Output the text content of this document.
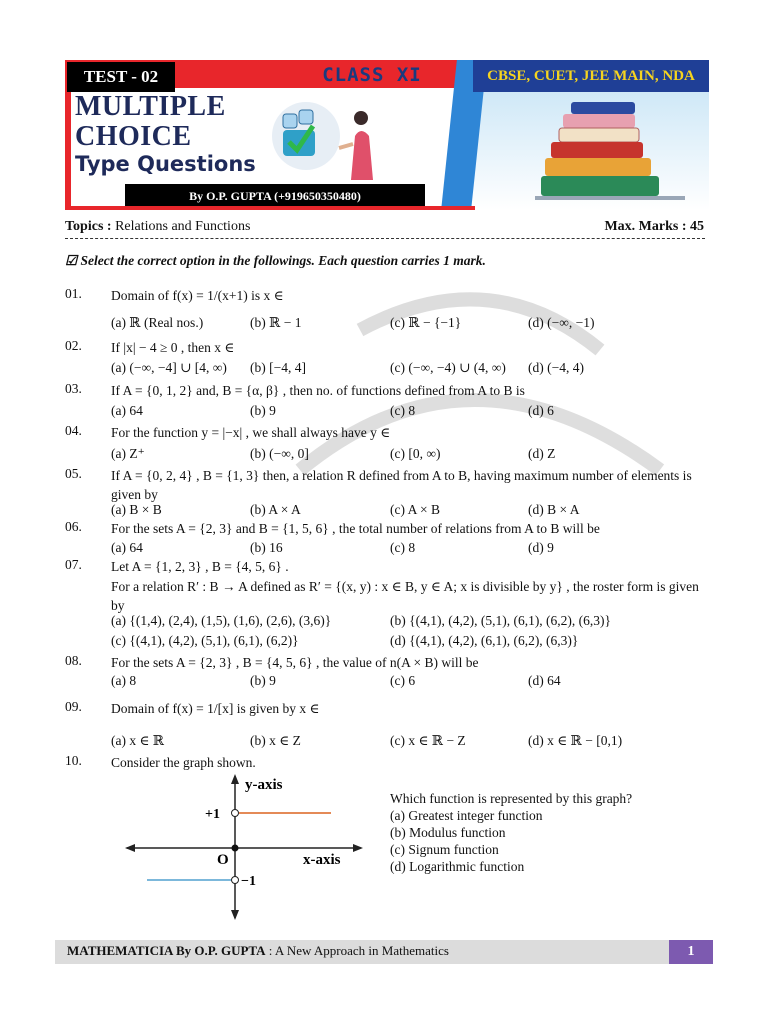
TEST - 02	CLASS XI	CBSE, CUET, JEE MAIN, NDA
MULTIPLE
CHOICE
Type Questions
By O.P. GUPTA (+919650350480)
Topics : Relations and Functions	Max. Marks : 45
☑ Select the correct option in the followings. Each question carries 1 mark.
01. Domain of f(x) = 1/(x+1) is x ∈
(a) ℝ (Real nos.)	(b) ℝ − 1	(c) ℝ − {−1}	(d) (−∞, −1)
02. If |x| − 4 ≥ 0 , then x ∈
(a) (−∞, −4] ∪ [4, ∞) (b) [−4, 4]	(c) (−∞, −4) ∪ (4, ∞) (d) (−4, 4)
03. If A = {0, 1, 2} and, B = {α, β} , then no. of functions defined from A to B is
(a) 64	(b) 9	(c) 8	(d) 6
04. For the function y = |−x| , we shall always have y ∈
(a) Z⁺	(b) (−∞, 0]	(c) [0, ∞)	(d) Z
05. If A = {0, 2, 4} , B = {1, 3} then, a relation R defined from A to B, having maximum number of elements is given by
(a) B × B	(b) A × A	(c) A × B	(d) B × A
06. For the sets A = {2, 3} and B = {1, 5, 6} , the total number of relations from A to B will be
(a) 64	(b) 16	(c) 8	(d) 9
07. Let A = {1, 2, 3} , B = {4, 5, 6} .
For a relation R′ : B → A defined as R′ = {(x, y) : x ∈ B, y ∈ A; x is divisible by y} , the roster form is given by
(a) {(1,4), (2,4), (1,5), (1,6), (2,6), (3,6)}	(b) {(4,1), (4,2), (5,1), (6,1), (6,2), (6,3)}
(c) {(4,1), (4,2), (5,1), (6,1), (6,2)}	(d) {(4,1), (4,2), (6,1), (6,2), (6,3)}
08. For the sets A = {2, 3} , B = {4, 5, 6} , the value of n(A × B) will be
(a) 8	(b) 9	(c) 6	(d) 64
09. Domain of f(x) = 1/[x] is given by x ∈
(a) x ∈ ℝ	(b) x ∈ Z	(c) x ∈ ℝ − Z	(d) x ∈ ℝ − [0,1)
10. Consider the graph shown.
y-axis
x-axis
O
+1
−1
Which function is represented by this graph?
(a) Greatest integer function
(b) Modulus function
(c) Signum function
(d) Logarithmic function
MATHEMATICIA By O.P. GUPTA : A New Approach in Mathematics	1
